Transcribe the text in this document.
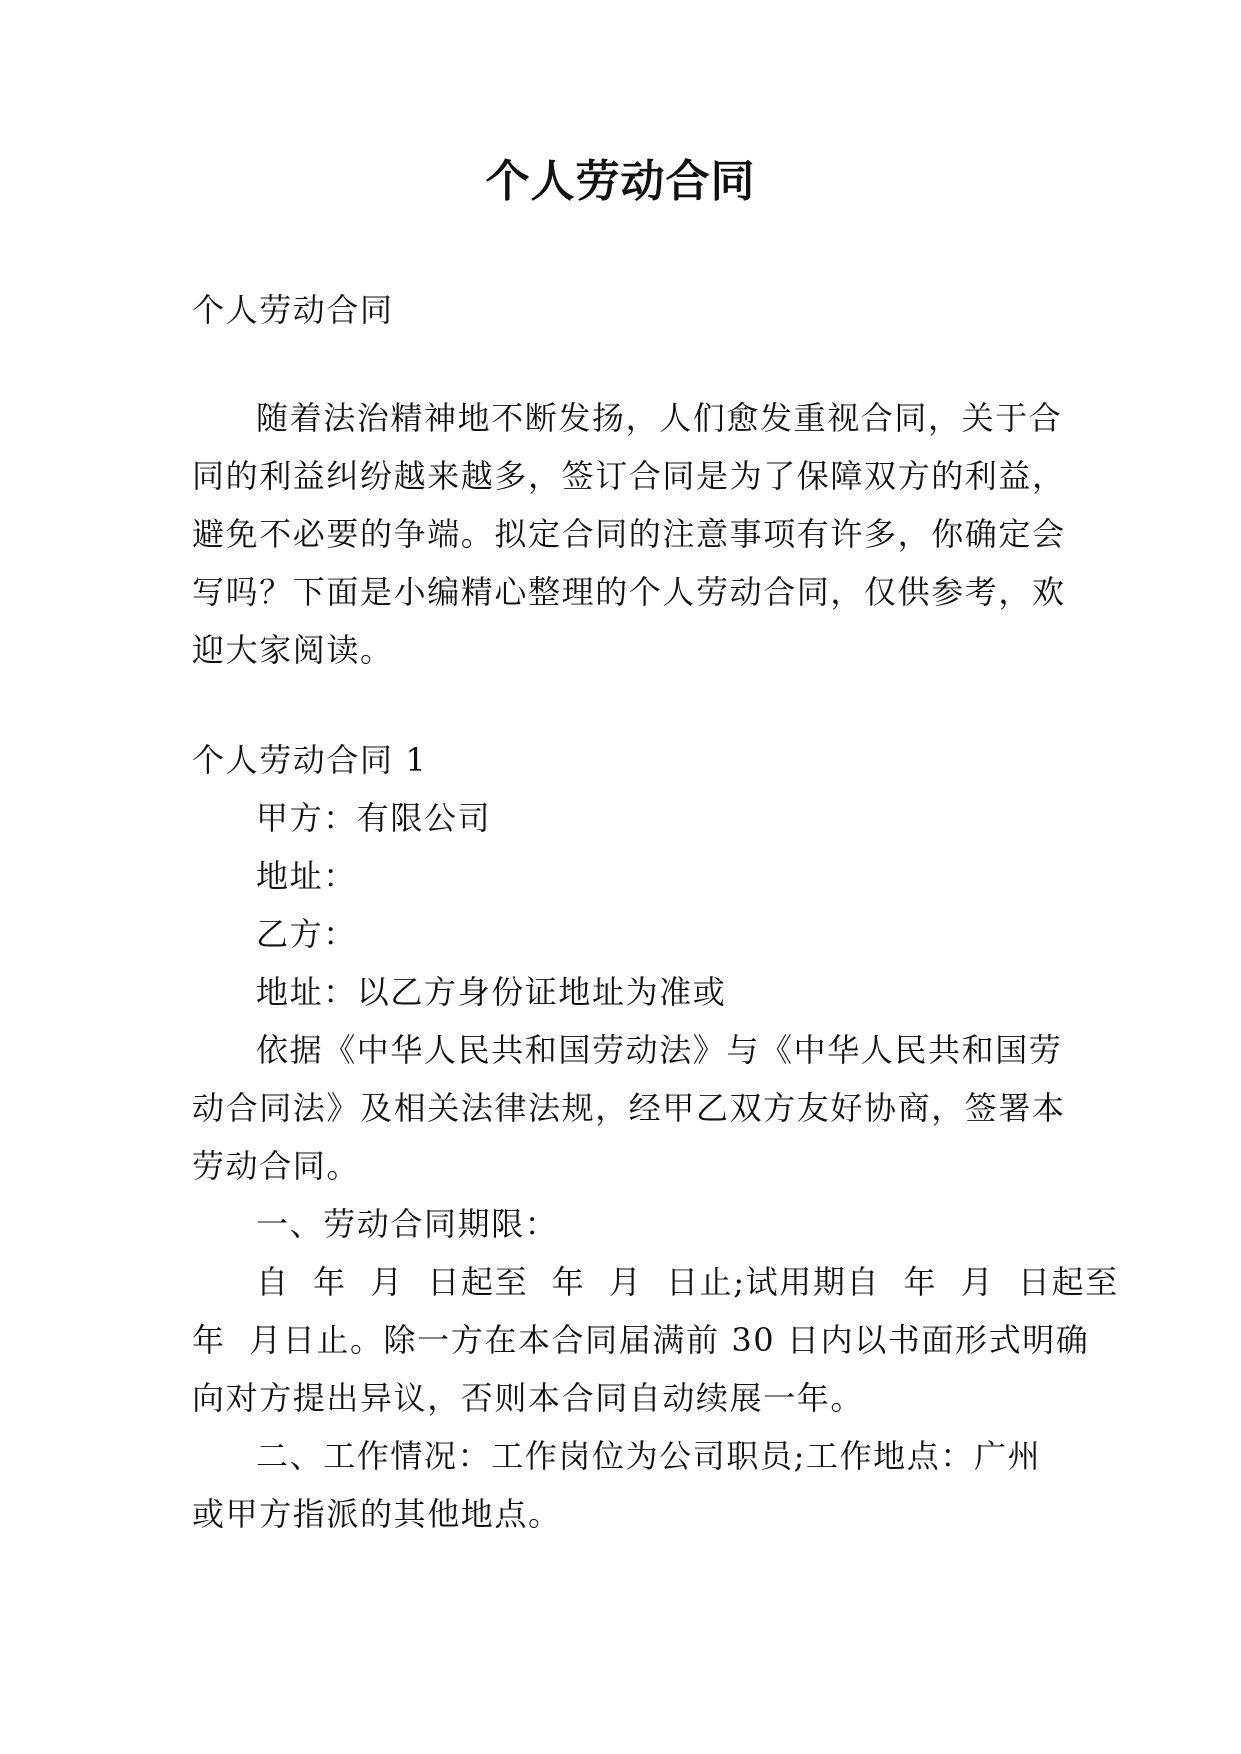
个人劳动合同
个人劳动合同
随着法治精神地不断发扬，人们愈发重视合同，关于合
同的利益纠纷越来越多，签订合同是为了保障双方的利益，
避免不必要的争端。拟定合同的注意事项有许多，你确定会
写吗？下面是小编精心整理的个人劳动合同，仅供参考，欢
迎大家阅读。
个人劳动合同 1
甲方：有限公司
地址：
乙方：
地址：以乙方身份证地址为准或
依据《中华人民共和国劳动法》与《中华人民共和国劳
动合同法》及相关法律法规，经甲乙双方友好协商，签署本
劳动合同。
一、劳动合同期限：
自  年  月  日起至  年  月  日止;试用期自  年  月  日起至
年  月日止。除一方在本合同届满前 30 日内以书面形式明确
向对方提出异议，否则本合同自动续展一年。
二、工作情况：工作岗位为公司职员;工作地点：广州
或甲方指派的其他地点。
